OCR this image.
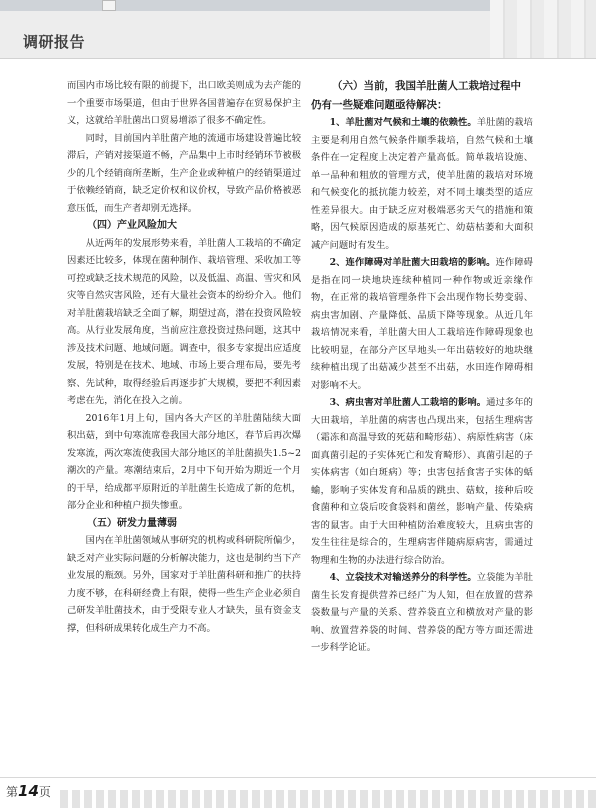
调研报告

而国内市场比较有限的前提下，出口欧美则成为去产能的一个重要市场渠道，但由于世界各国普遍存在贸易保护主义，这就给羊肚菌出口贸易增添了很多不确定性。

同时，目前国内羊肚菌产地的流通市场建设普遍比较滞后，产销对接渠道不畅，产品集中上市时经销环节被极少的几个经销商所垄断，生产企业或种植户的经销渠道过于依赖经销商，缺乏定价权和议价权，导致产品价格被恶意压低，而生产者却别无选择。

（四）产业风险加大

从近两年的发展形势来看，羊肚菌人工栽培的不确定因素还比较多，体现在菌种制作、栽培管理、采收加工等可控或缺乏技术规范的风险，以及低温、高温、雪灾和风灾等自然灾害风险，还有大量社会资本的纷纷介入。他们对羊肚菌栽培缺乏全面了解，期望过高，潜在投资风险较高。从行业发展角度，当前应注意投资过热问题，这其中涉及技术问题、地域问题。调查中，很多专家提出应适度发展，特别是在技术、地域、市场上要合理布局，要先考察、先试种，取得经验后再逐步扩大规模，要把不利因素考虑在先，消化在投入之前。

2016年1月上旬，国内各大产区的羊肚菌陆续大面积出菇，到中旬寒流席卷我国大部分地区，春节后再次爆发寒流，两次寒流使我国大部分地区的羊肚菌损失1.5~2潮次的产量。寒潮结束后，2月中下旬开始为期近一个月的干旱，给成都平原附近的羊肚菌生长造成了新的危机，部分企业和种植户损失惨重。

（五）研发力量薄弱

国内在羊肚菌领域从事研究的机构或科研院所偏少，缺乏对产业实际问题的分析解决能力，这也是制约当下产业发展的瓶颈。另外，国家对于羊肚菌科研和推广的扶持力度不够，在科研经费上有限，使得一些生产企业必须自己研发羊肚菌技术，由于受限专业人才缺失，虽有资金支撑，但科研成果转化成生产力不高。

（六）当前，我国羊肚菌人工栽培过程中
仍有一些疑难问题亟待解决：

1、羊肚菌对气候和土壤的依赖性。羊肚菌的栽培主要是利用自然气候条件顺季栽培，自然气候和土壤条件在一定程度上决定着产量高低。简单栽培设施、单一品种和粗放的管理方式，使羊肚菌的栽培对环境和气候变化的抵抗能力较差，对不同土壤类型的适应性差异很大。由于缺乏应对极端恶劣天气的措施和策略，因气候原因造成的原基死亡、幼菇枯萎和大面积减产问题时有发生。

2、连作障碍对羊肚菌大田栽培的影响。连作障碍是指在同一块地块连续种植同一种作物或近亲缘作物，在正常的栽培管理条件下会出现作物长势变弱、病虫害加剧、产量降低、品质下降等现象。从近几年栽培情况来看，羊肚菌大田人工栽培连作障碍现象也比较明显，在部分产区早地头一年出菇较好的地块继续种植出现了出菇减少甚至不出菇，水田连作障碍相对影响不大。

3、病虫害对羊肚菌人工栽培的影响。通过多年的大田栽培，羊肚菌的病害也凸现出来，包括生理病害（霜冻和高温导致的死菇和畸形菇）、病原性病害（床面真菌引起的子实体死亡和发育畸形）、真菌引起的子实体病害（如白斑病）等；虫害包括食害子实体的蛞蝓，影响子实体发育和品质的跳虫、菇蚊，接种后咬食菌种和立袋后咬食袋料和菌丝，影响产量、传染病害的鼠害。由于大田种植防治难度较大，且病虫害的发生往往是综合的，生理病害伴随病原病害，需通过物理和生物的办法进行综合防治。

4、立袋技术对输送养分的科学性。立袋能为羊肚菌生长发育提供营养已经广为人知，但在放置的营养袋数量与产量的关系、营养袋直立和横放对产量的影响、放置营养袋的时间、营养袋的配方等方面还需进一步科学论证。

第14页
